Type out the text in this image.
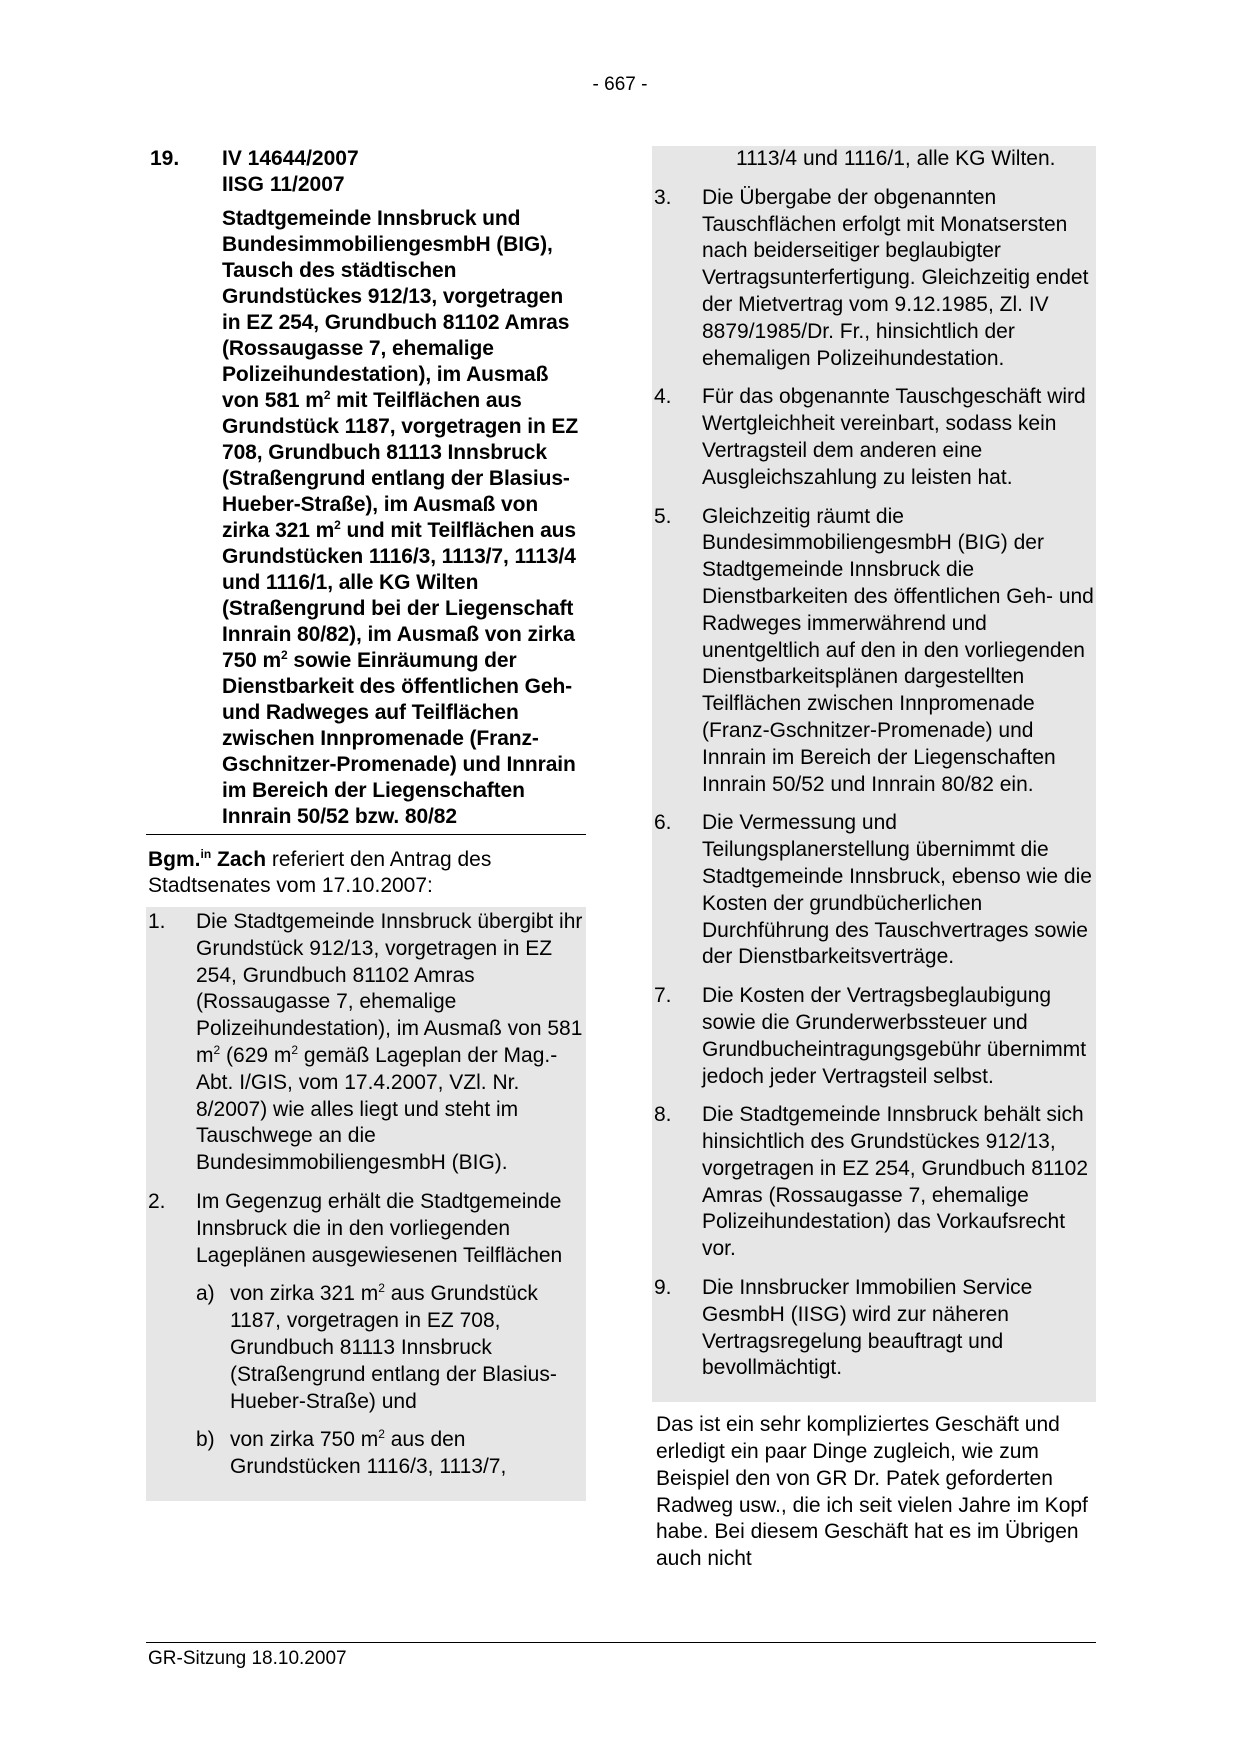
- 667 -
19. IV 14644/2007
IISG 11/2007
Stadtgemeinde Innsbruck und BundesimmobiliengesmbH (BIG), Tausch des städtischen Grundstückes 912/13, vorgetragen in EZ 254, Grundbuch 81102 Amras (Rossaugasse 7, ehemalige Polizeihundestation), im Ausmaß von 581 $m^2$ mit Teilflächen aus Grundstück 1187, vorgetragen in EZ 708, Grundbuch 81113 Innsbruck (Straßengrund entlang der Blasius-Hueber-Straße), im Ausmaß von zirka 321 $m^2$ und mit Teilflächen aus Grundstücken 1116/3, 1113/7, 1113/4 und 1116/1, alle KG Wilten (Straßengrund bei der Liegenschaft Innrain 80/82), im Ausmaß von zirka 750 $m^2$ sowie Einräumung der Dienstbarkeit des öffentlichen Geh- und Radweges auf Teilflächen zwischen Innpromenade (Franz-Gschnitzer-Promenade) und Innrain im Bereich der Liegenschaften Innrain 50/52 bzw. 80/82
Bgm.$^{in}$ Zach referiert den Antrag des Stadtsenates vom 17.10.2007:
1. Die Stadtgemeinde Innsbruck übergibt ihr Grundstück 912/13, vorgetragen in EZ 254, Grundbuch 81102 Amras (Rossaugasse 7, ehemalige Polizeihundestation), im Ausmaß von 581 $m^2$ (629 $m^2$ gemäß Lageplan der Mag.-Abt. I/GIS, vom 17.4.2007, VZl. Nr. 8/2007) wie alles liegt und steht im Tauschwege an die BundesimmobiliengesmbH (BIG).
2. Im Gegenzug erhält die Stadtgemeinde Innsbruck die in den vorliegenden Lageplänen ausgewiesenen Teilflächen
a) von zirka 321 $m^2$ aus Grundstück 1187, vorgetragen in EZ 708, Grundbuch 81113 Innsbruck (Straßengrund entlang der Blasius-Hueber-Straße) und
b) von zirka 750 $m^2$ aus den Grundstücken 1116/3, 1113/7,
1113/4 und 1116/1, alle KG Wilten.
3. Die Übergabe der obgenannten Tauschflächen erfolgt mit Monatsersten nach beiderseitiger beglaubigter Vertragsunterfertigung. Gleichzeitig endet der Mietvertrag vom 9.12.1985, Zl. IV 8879/1985/Dr. Fr., hinsichtlich der ehemaligen Polizeihundestation.
4. Für das obgenannte Tauschgeschäft wird Wertgleichheit vereinbart, sodass kein Vertragsteil dem anderen eine Ausgleichszahlung zu leisten hat.
5. Gleichzeitig räumt die BundesimmobiliengesmbH (BIG) der Stadtgemeinde Innsbruck die Dienstbarkeiten des öffentlichen Geh- und Radweges immerwährend und unentgeltlich auf den in den vorliegenden Dienstbarkeitsplänen dargestellten Teilflächen zwischen Innpromenade (Franz-Gschnitzer-Promenade) und Innrain im Bereich der Liegenschaften Innrain 50/52 und Innrain 80/82 ein.
6. Die Vermessung und Teilungsplanerstellung übernimmt die Stadtgemeinde Innsbruck, ebenso wie die Kosten der grundbücherlichen Durchführung des Tauschvertrages sowie der Dienstbarkeitsverträge.
7. Die Kosten der Vertragsbeglaubigung sowie die Grunderwerbssteuer und Grundbucheintragungsgebühr übernimmt jedoch jeder Vertragsteil selbst.
8. Die Stadtgemeinde Innsbruck behält sich hinsichtlich des Grundstückes 912/13, vorgetragen in EZ 254, Grundbuch 81102 Amras (Rossaugasse 7, ehemalige Polizeihundestation) das Vorkaufsrecht vor.
9. Die Innsbrucker Immobilien Service GesmbH (IISG) wird zur näheren Vertragsregelung beauftragt und bevollmächtigt.
Das ist ein sehr kompliziertes Geschäft und erledigt ein paar Dinge zugleich, wie zum Beispiel den von GR Dr. Patek geforderten Radweg usw., die ich seit vielen Jahre im Kopf habe. Bei diesem Geschäft hat es im Übrigen auch nicht
GR-Sitzung 18.10.2007
